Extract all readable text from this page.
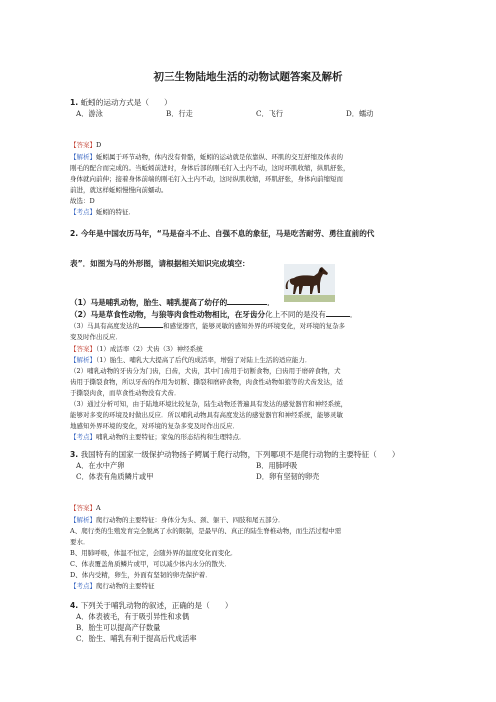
初三生物陆地生活的动物试题答案及解析
1. 蚯蚓的运动方式是（　　）
A．游泳	B．行走	C．飞行	D．蠕动
【答案】D
【解析】蚯蚓属于环节动物，体内没有骨骼，蚯蚓的运动就是依靠纵、环肌的交互舒缩及体表的
刚毛的配合而完成的。当蚯蚓前进时，身体后部的刚毛钉入土内不动，这时环肌收缩，纵肌舒张，
身体就向前伸；接着身体前端的刚毛钉入土内不动，这时纵肌收缩，环肌舒张，身体向前缩短而
前进，就这样蚯蚓慢慢向前蠕动。
故选：D
【考点】蚯蚓的特征．
2. 今年是中国农历马年，“马是奋斗不止、自强不息的象征，马是吃苦耐劳、勇往直前的代
表”．如图为马的外形图，请根据相关知识完成填空：
（1）马是哺乳动物，胎生、哺乳提高了幼仔的	．
（2）马是草食性动物，与狼等肉食性动物相比，在牙齿分化上不同的是没有	．
（3）马具有高度发达的	和感觉器官，能够灵敏的感知外界的环境变化，对环境的复杂多
变及时作出反应．
【答案】（1）成活率（2）犬齿（3）神经系统
【解析】（1）胎生、哺乳大大提高了后代的成活率，增强了对陆上生活的适应能力．
（2）哺乳动物的牙齿分为门齿，臼齿，犬齿，其中门齿用于切断食物，臼齿用于磨碎食物，犬
齿用于撕裂食物，所以牙齿的作用为切断、撕裂和磨碎食物，肉食性动物如狼等的犬齿发达，适
于撕裂肉食，而草食性动物没有犬齿．
（3）通过分析可知，由于陆地环境比较复杂，陆生动物还普遍具有发达的感觉器官和神经系统，
能够对多变的环境及时做出反应．所以哺乳动物具有高度发达的感觉器官和神经系统，能够灵敏
地感知外界环境的变化，对环境的复杂多变及时作出反应．
【考点】哺乳动物的主要特征；家兔的形态结构和生理特点．
3. 我国特有的国家一级保护动物扬子鳄属于爬行动物，下列哪项不是爬行动物的主要特征（　　）
A．在水中产卵	B．用肺呼吸
C．体表有角质鳞片或甲	D．卵有坚韧的卵壳
【答案】A
【解析】爬行动物的主要特征：身体分为头、颈、躯干、四肢和尾五部分．
A、爬行类的生殖发育完全脱离了水的限制，是最早的、真正的陆生脊椎动物，而生活过程中需
要水．
B、用肺呼吸，体温不恒定，会随外界的温度变化而变化．
C、体表覆盖角质鳞片或甲，可以减少体内水分的散失．
D、体内受精，卵生，外面有坚韧的卵壳保护着．
【考点】爬行动物的主要特征
4. 下列关于哺乳动物的叙述，正确的是（　　）
A．体表被毛，有于吸引异性和求偶
B．胎生可以提高产仔数量
C．胎生、哺乳有利于提高后代成活率
